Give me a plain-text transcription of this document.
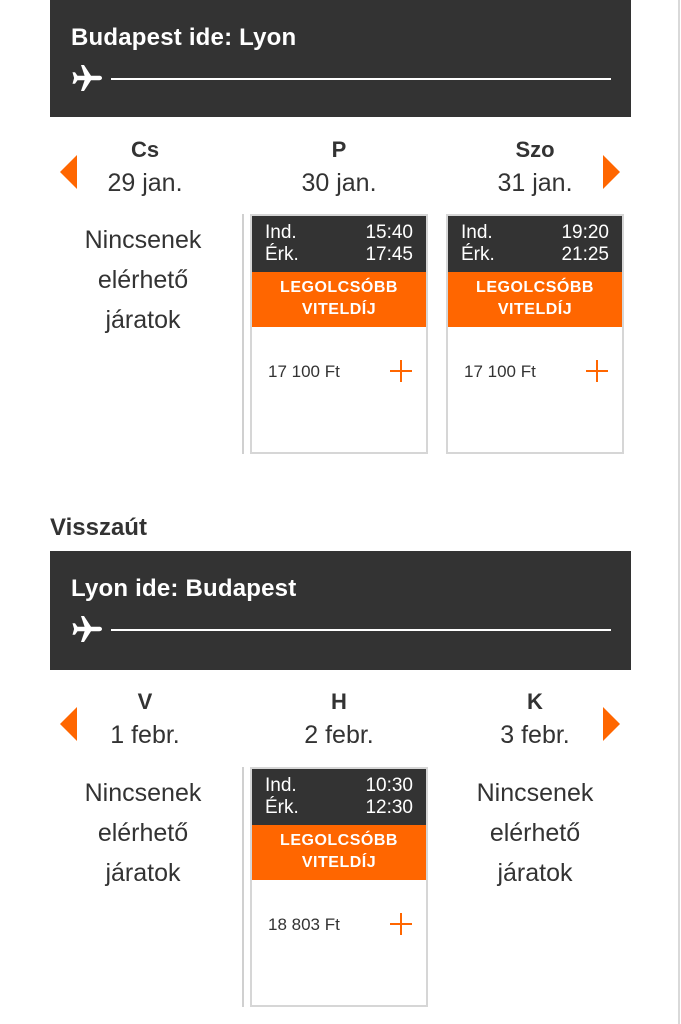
Budapest ide: Lyon
Cs
29 jan.
P
30 jan.
Szo
31 jan.
Nincsenek
elérhető
járatok
Ind.	15:40
Érk.	17:45
LEGOLCSÓBB
VITELDÍJ
17 100 Ft
Ind.	19:20
Érk.	21:25
LEGOLCSÓBB
VITELDÍJ
17 100 Ft
Visszaút
Lyon ide: Budapest
V
1 febr.
H
2 febr.
K
3 febr.
Nincsenek
elérhető
járatok
Ind.	10:30
Érk.	12:30
LEGOLCSÓBB
VITELDÍJ
18 803 Ft
Nincsenek
elérhető
járatok
